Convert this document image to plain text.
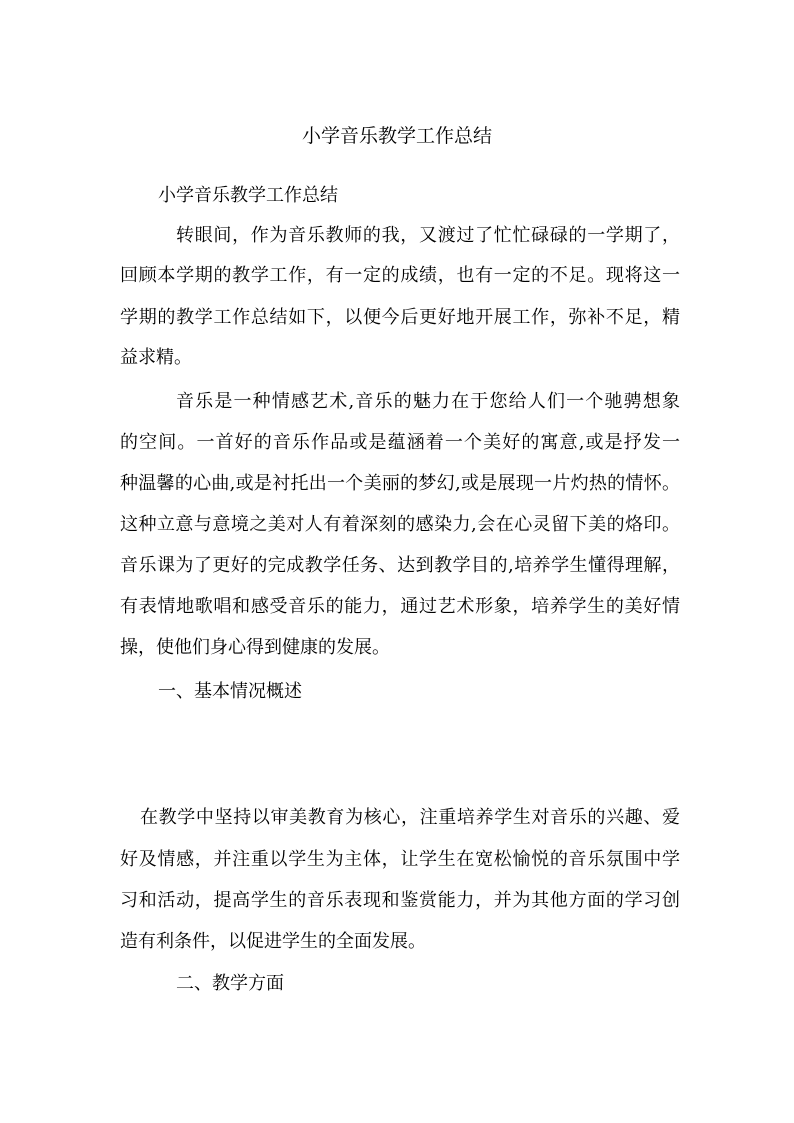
小学音乐教学工作总结

小学音乐教学工作总结

转眼间，作为音乐教师的我，又渡过了忙忙碌碌的一学期了，

回顾本学期的教学工作，有一定的成绩，也有一定的不足。现将这一

学期的教学工作总结如下，以便今后更好地开展工作，弥补不足，精

益求精。

音乐是一种情感艺术,音乐的魅力在于您给人们一个驰骋想象

的空间。一首好的音乐作品或是蕴涵着一个美好的寓意,或是抒发一

种温馨的心曲,或是衬托出一个美丽的梦幻,或是展现一片灼热的情怀。

这种立意与意境之美对人有着深刻的感染力,会在心灵留下美的烙印。

音乐课为了更好的完成教学任务、达到教学目的,培养学生懂得理解，

有表情地歌唱和感受音乐的能力，通过艺术形象，培养学生的美好情

操，使他们身心得到健康的发展。

一、基本情况概述

在教学中坚持以审美教育为核心，注重培养学生对音乐的兴趣、爱

好及情感，并注重以学生为主体，让学生在宽松愉悦的音乐氛围中学

习和活动，提高学生的音乐表现和鉴赏能力，并为其他方面的学习创

造有利条件，以促进学生的全面发展。

二、教学方面
